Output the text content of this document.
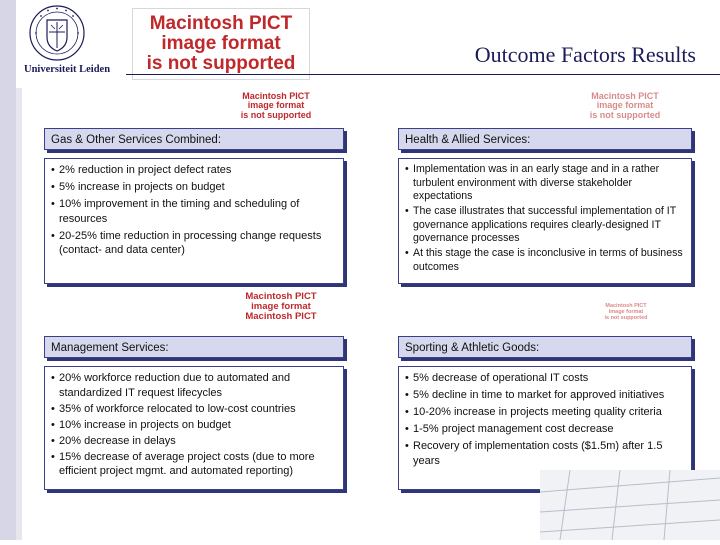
Universiteit Leiden
Macintosh PICT
image format
is not supported	Outcome Factors Results
Macintosh PICT
image format
is not supported
Macintosh PICT
image format
is not supported
Macintosh PICT
image format
Macintosh PICT
Macintosh PICT
image format
is not supported
Gas & Other Services Combined:
• 2% reduction in project defect rates
• 5% increase in projects on budget
• 10% improvement in the timing and scheduling of resources
• 20-25% time reduction in processing change requests (contact- and data center)
Health & Allied Services:
• Implementation was in an early stage and in a rather turbulent environment with diverse stakeholder expectations
• The case illustrates that successful implementation of IT governance applications requires clearly-designed IT governance processes
• At this stage the case is inconclusive in terms of business outcomes
Management Services:
• 20% workforce reduction due to automated and standardized IT request lifecycles
• 35% of workforce relocated to low-cost countries
• 10% increase in projects on budget
• 20% decrease in delays
• 15% decrease of average project costs (due to more efficient project mgmt. and automated reporting)
Sporting & Athletic Goods:
• 5% decrease of operational IT costs
• 5% decline in time to market for approved initiatives
• 10-20% increase in projects meeting quality criteria
• 1-5% project management cost decrease
• Recovery of implementation costs ($1.5m) after 1.5 years
